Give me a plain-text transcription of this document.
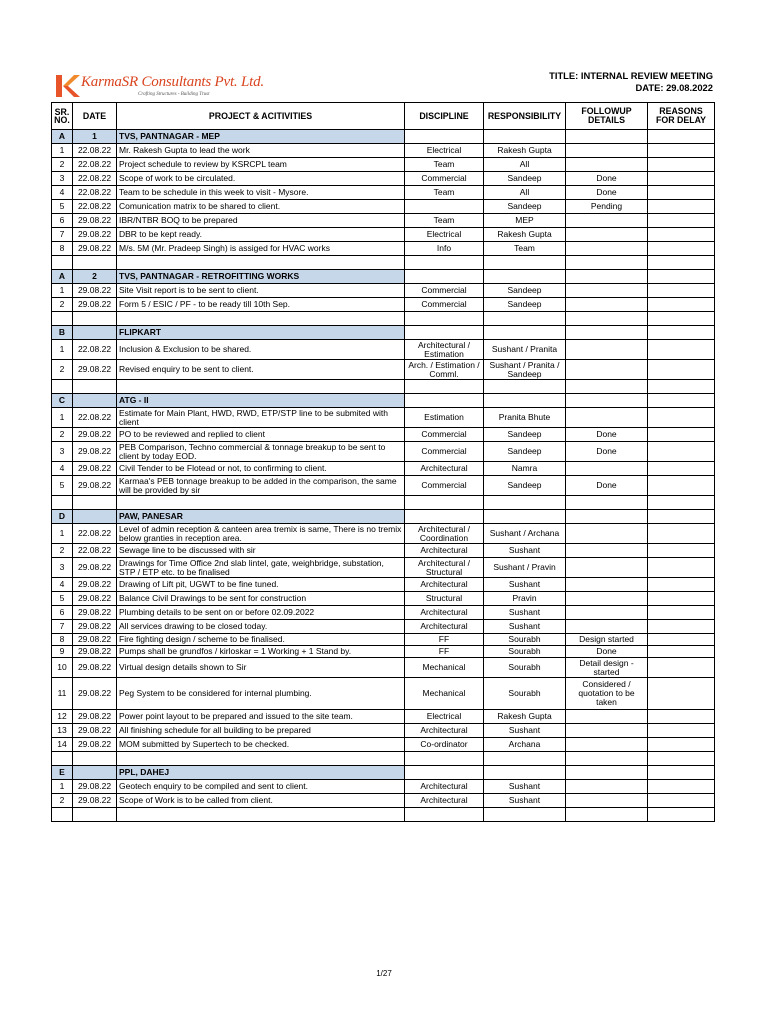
KarmaSR Consultants Pvt. Ltd.
Crafting Structures - Building Trust
TITLE: INTERNAL REVIEW MEETING
DATE: 29.08.2022
SR. NO.	DATE	PROJECT & ACITIVITIES	DISCIPLINE	RESPONSIBILITY	FOLLOWUP DETAILS	REASONS FOR DELAY
A	1	TVS, PANTNAGAR - MEP				
1	22.08.22	Mr. Rakesh Gupta to lead the work	Electrical	Rakesh Gupta		
2	22.08.22	Project schedule to review by KSRCPL team	Team	All		
3	22.08.22	Scope of work to be circulated.	Commercial	Sandeep	Done	
4	22.08.22	Team to be schedule in this week to visit - Mysore.	Team	All	Done	
5	22.08.22	Comunication matrix to be shared to client.		Sandeep	Pending	
6	29.08.22	IBR/NTBR BOQ to be prepared	Team	MEP		
7	29.08.22	DBR to be kept ready.	Electrical	Rakesh Gupta		
8	29.08.22	M/s. 5M (Mr. Pradeep Singh) is assiged for HVAC works	Info	Team		

A	2	TVS, PANTNAGAR - RETROFITTING WORKS				
1	29.08.22	Site Visit report is to be sent to client.	Commercial	Sandeep		
2	29.08.22	Form 5 / ESIC / PF - to be ready till 10th Sep.	Commercial	Sandeep		

B		FLIPKART				
1	22.08.22	Inclusion & Exclusion to be shared.	Architectural / Estimation	Sushant / Pranita		
2	29.08.22	Revised enquiry to be sent to client.	Arch. / Estimation / Comml.	Sushant / Pranita / Sandeep		

C		ATG - II				
1	22.08.22	Estimate for Main Plant, HWD, RWD, ETP/STP line to be submited with client	Estimation	Pranita Bhute		
2	29.08.22	PO to be reviewed and replied to client	Commercial	Sandeep	Done	
3	29.08.22	PEB Comparison, Techno commercial & tonnage breakup to be sent to client by today EOD.	Commercial	Sandeep	Done	
4	29.08.22	Civil Tender to be Flotead or not, to confirming to client.	Architectural	Namra		
5	29.08.22	Karmaa's PEB tonnage breakup to be added in the comparison, the same will be provided by sir	Commercial	Sandeep	Done	

D		PAW, PANESAR				
1	22.08.22	Level of admin reception & canteen area tremix is same, There is no tremix below granties in reception area.	Architectural / Coordination	Sushant / Archana		
2	22.08.22	Sewage line to be discussed with sir	Architectural	Sushant		
3	29.08.22	Drawings for Time Office 2nd slab lintel, gate, weighbridge, substation, STP / ETP etc. to be finalised	Architectural / Structural	Sushant / Pravin		
4	29.08.22	Drawing of Lift pit, UGWT to be fine tuned.	Architectural	Sushant		
5	29.08.22	Balance Civil Drawings to be sent for construction	Structural	Pravin		
6	29.08.22	Plumbing details to be sent on or before 02.09.2022	Architectural	Sushant		
7	29.08.22	All services drawing to be closed today.	Architectural	Sushant		
8	29.08.22	Fire fighting design / scheme to be finalised.	FF	Sourabh	Design started	
9	29.08.22	Pumps shall be grundfos / kirloskar = 1 Working + 1 Stand by.	FF	Sourabh	Done	
10	29.08.22	Virtual design details shown to Sir	Mechanical	Sourabh	Detail design - started	
11	29.08.22	Peg System to be considered for internal plumbing.	Mechanical	Sourabh	Considered / quotation to be taken	
12	29.08.22	Power point layout to be prepared and issued to the site team.	Electrical	Rakesh Gupta		
13	29.08.22	All finishing schedule for all building to be prepared	Architectural	Sushant		
14	29.08.22	MOM submitted by Supertech to be checked.	Co-ordinator	Archana		

E		PPL, DAHEJ				
1	29.08.22	Geotech enquiry to be compiled and sent to client.	Architectural	Sushant		
2	29.08.22	Scope of Work is to be called from client.	Architectural	Sushant		

1/27
